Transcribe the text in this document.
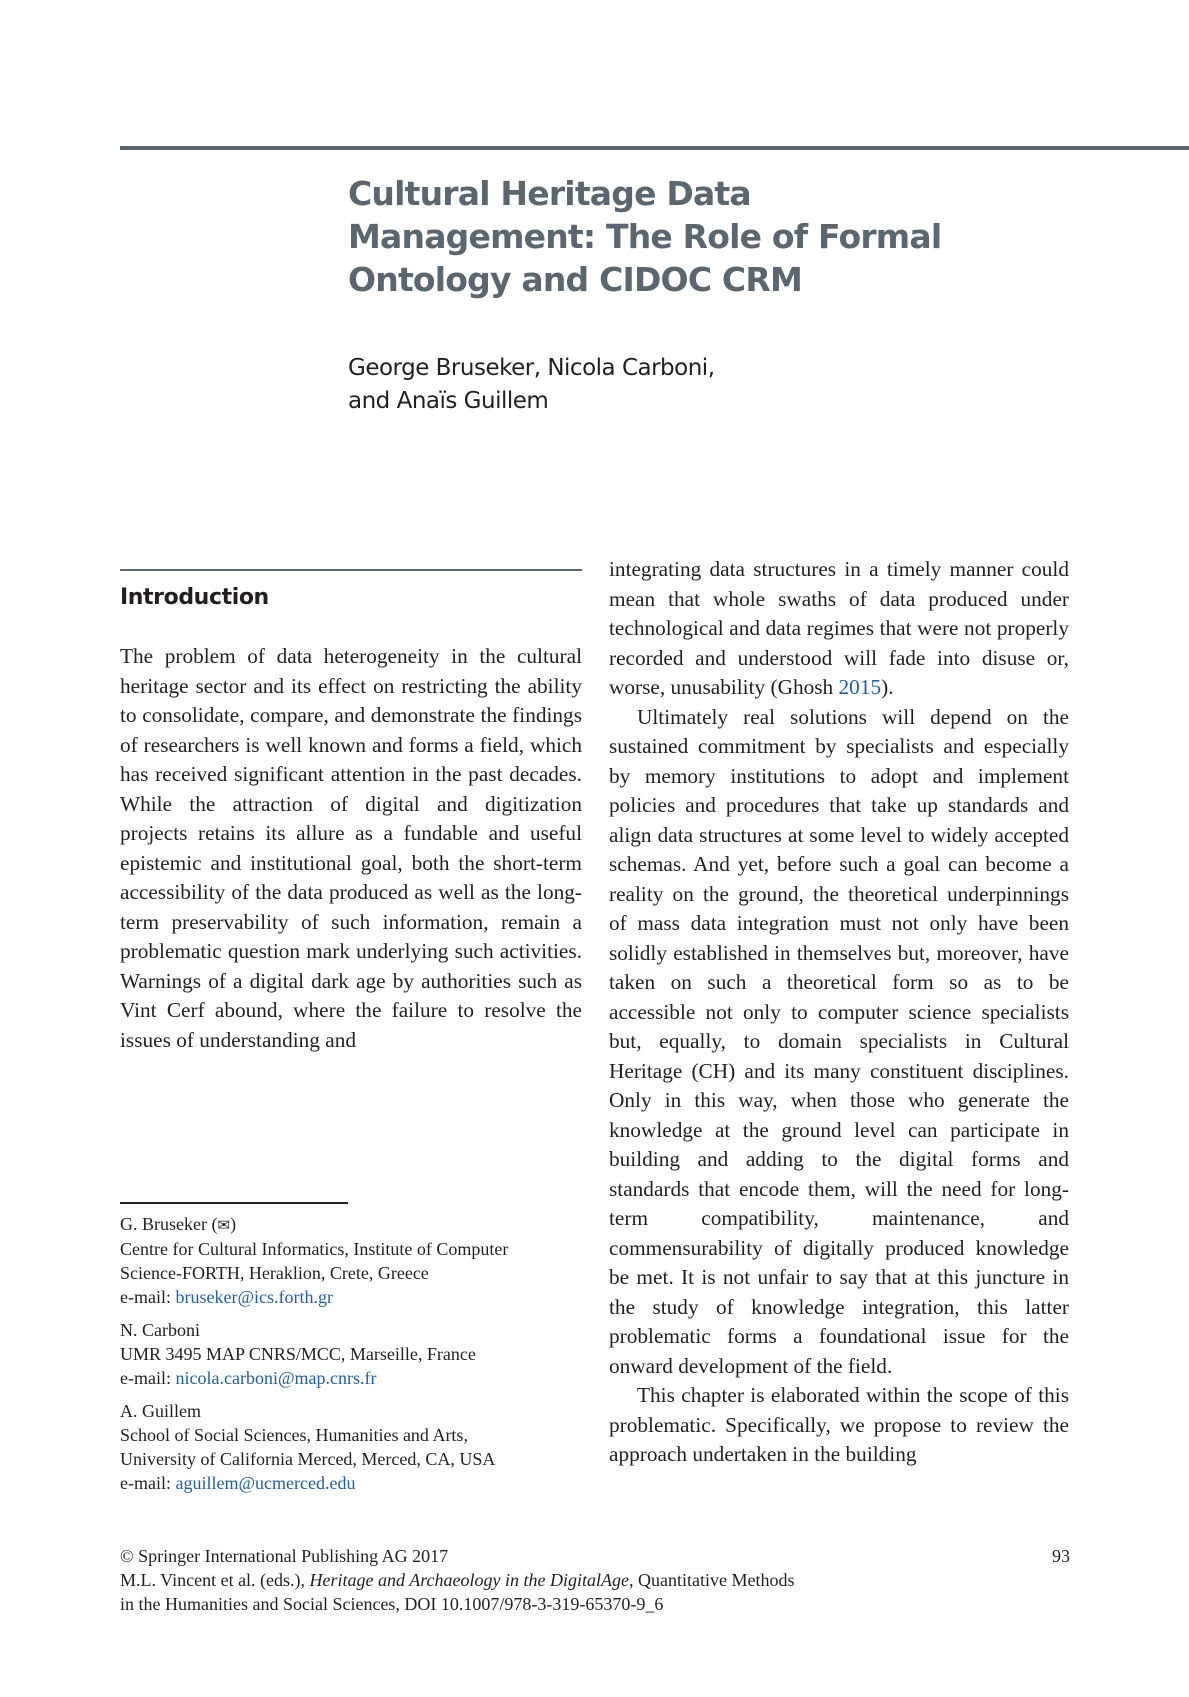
Cultural Heritage Data
Management: The Role of Formal
Ontology and CIDOC CRM
George Bruseker, Nicola Carboni,
and Anaïs Guillem
Introduction

The problem of data heterogeneity in the cultural heritage sector and its effect on restricting the ability to consolidate, compare, and demonstrate the findings of researchers is well known and forms a field, which has received significant attention in the past decades. While the attraction of digital and digitization projects retains its allure as a fundable and useful epistemic and institutional goal, both the short-term accessibility of the data produced as well as the long-term preservability of such information, remain a problematic question mark underlying such activities. Warnings of a digital dark age by authorities such as Vint Cerf abound, where the failure to resolve the issues of understanding and

integrating data structures in a timely manner could mean that whole swaths of data produced under technological and data regimes that were not properly recorded and understood will fade into disuse or, worse, unusability (Ghosh 2015).

Ultimately real solutions will depend on the sustained commitment by specialists and especially by memory institutions to adopt and implement policies and procedures that take up standards and align data structures at some level to widely accepted schemas. And yet, before such a goal can become a reality on the ground, the theoretical underpinnings of mass data integration must not only have been solidly established in themselves but, moreover, have taken on such a theoretical form so as to be accessible not only to computer science specialists but, equally, to domain specialists in Cultural Heritage (CH) and its many constituent disciplines. Only in this way, when those who generate the knowledge at the ground level can participate in building and adding to the digital forms and standards that encode them, will the need for long-term compatibility, maintenance, and commensurability of digitally produced knowledge be met. It is not unfair to say that at this juncture in the study of knowledge integration, this latter problematic forms a foundational issue for the onward development of the field.

This chapter is elaborated within the scope of this problematic. Specifically, we propose to review the approach undertaken in the building

G. Bruseker (✉)
Centre for Cultural Informatics, Institute of Computer
Science-FORTH, Heraklion, Crete, Greece
e-mail: bruseker@ics.forth.gr
N. Carboni
UMR 3495 MAP CNRS/MCC, Marseille, France
e-mail: nicola.carboni@map.cnrs.fr
A. Guillem
School of Social Sciences, Humanities and Arts,
University of California Merced, Merced, CA, USA
e-mail: aguillem@ucmerced.edu
© Springer International Publishing AG 2017
M.L. Vincent et al. (eds.), Heritage and Archaeology in the DigitalAge, Quantitative Methods
in the Humanities and Social Sciences, DOI 10.1007/978-3-319-65370-9_6
93
